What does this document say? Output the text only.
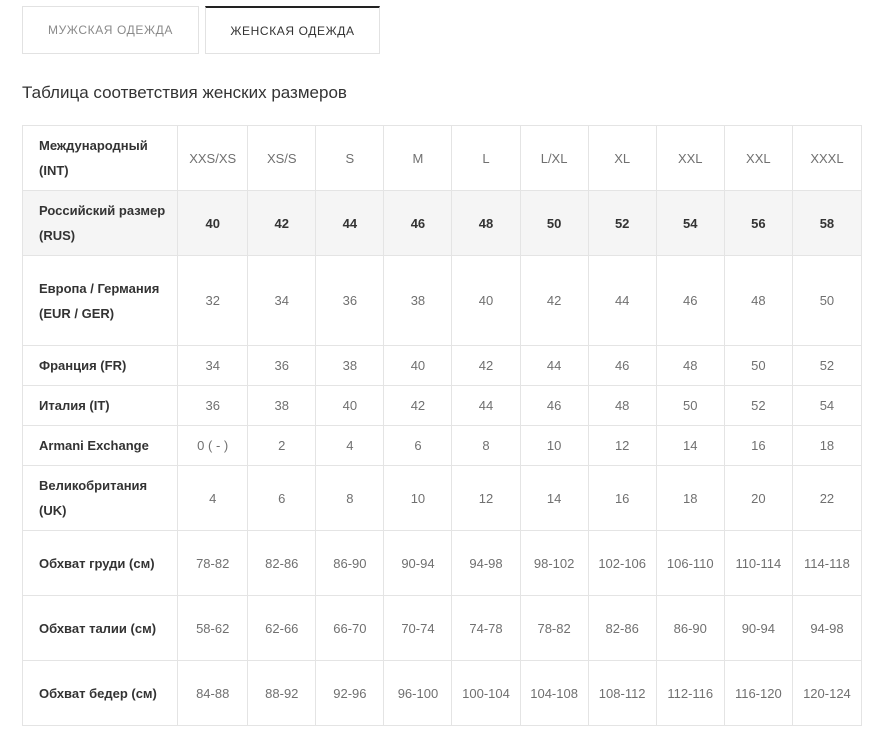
МУЖСКАЯ ОДЕЖДА	ЖЕНСКАЯ ОДЕЖДА
Таблица соответствия женских размеров
Международный (INT)	XXS/XS	XS/S	S	M	L	L/XL	XL	XXL	XXL	XXXL
Российский размер (RUS)	40	42	44	46	48	50	52	54	56	58
Европа / Германия (EUR / GER)	32	34	36	38	40	42	44	46	48	50
Франция (FR)	34	36	38	40	42	44	46	48	50	52
Италия (IT)	36	38	40	42	44	46	48	50	52	54
Armani Exchange	0 ( - )	2	4	6	8	10	12	14	16	18
Великобритания (UK)	4	6	8	10	12	14	16	18	20	22
Обхват груди (см)	78-82	82-86	86-90	90-94	94-98	98-102	102-106	106-110	110-114	114-118
Обхват талии (см)	58-62	62-66	66-70	70-74	74-78	78-82	82-86	86-90	90-94	94-98
Обхват бедер (см)	84-88	88-92	92-96	96-100	100-104	104-108	108-112	112-116	116-120	120-124
